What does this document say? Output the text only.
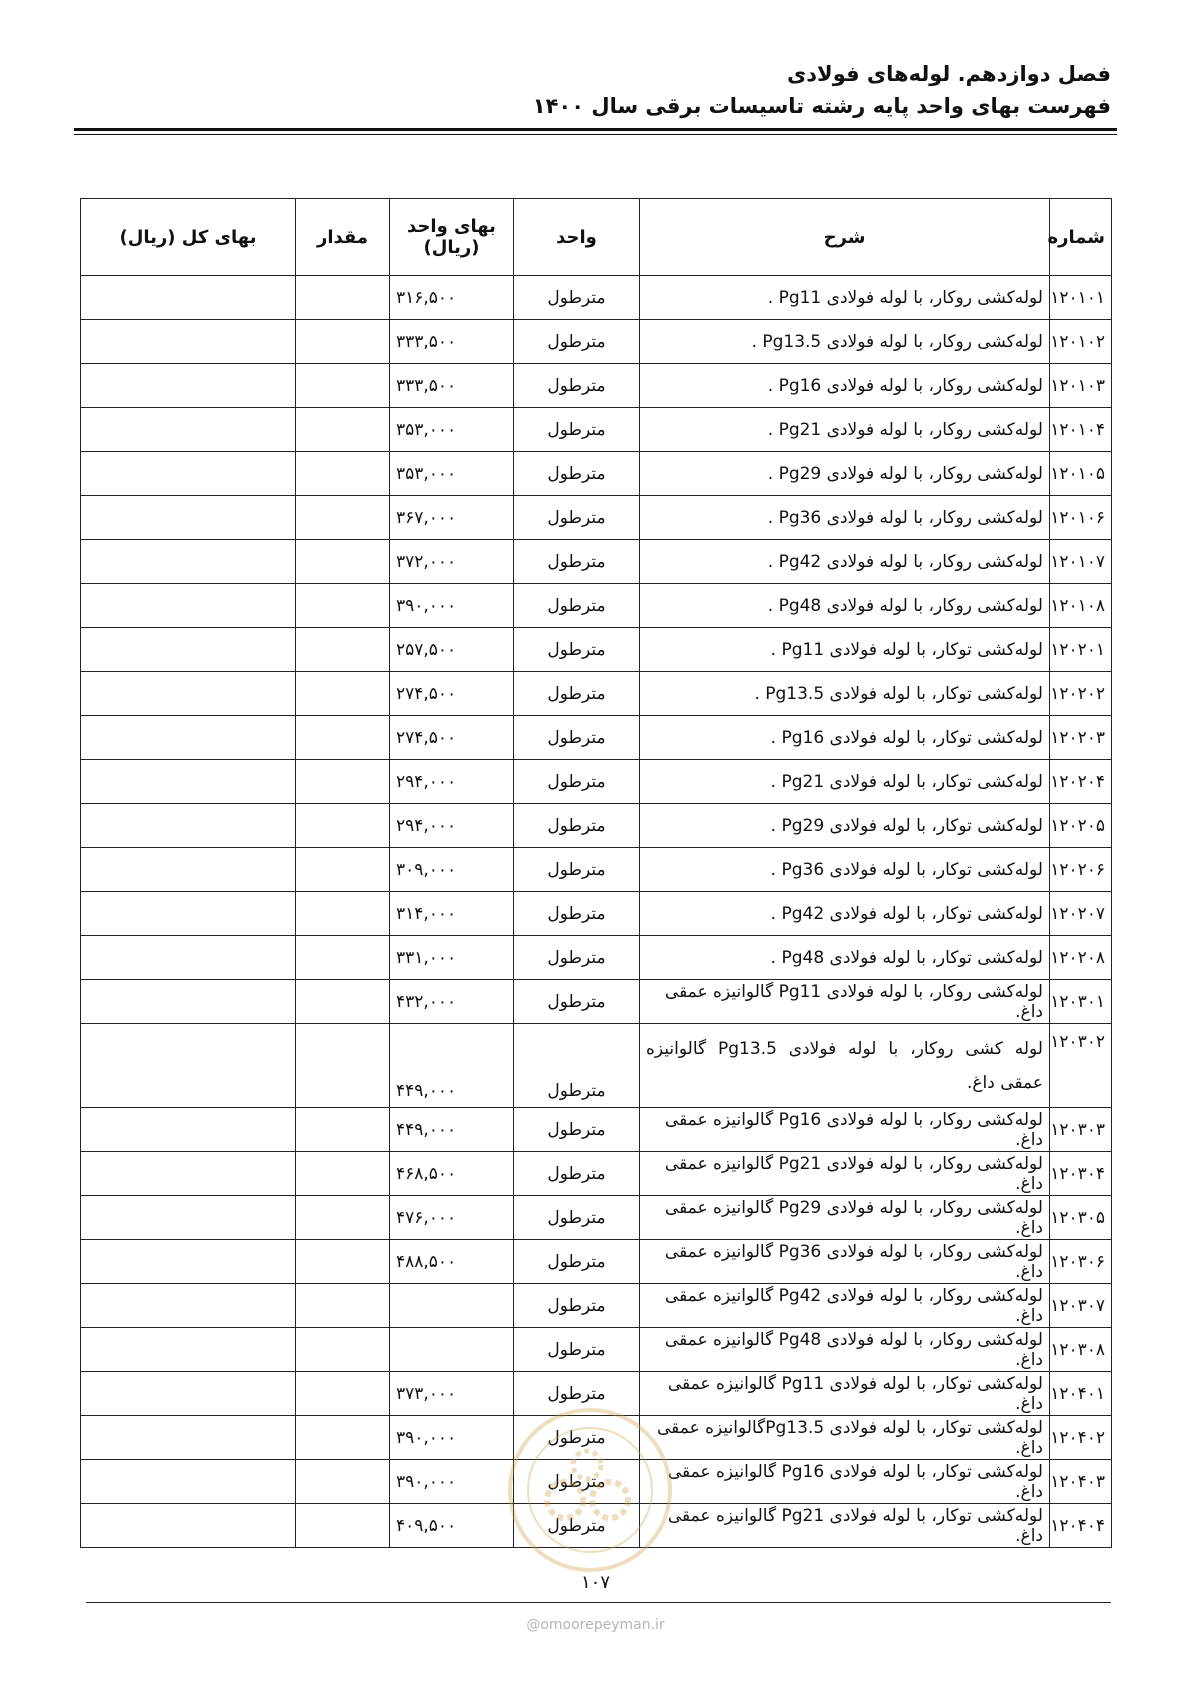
فصل دوازدهم. لوله‌های فولادی
فهرست بهای واحد پایه رشته تاسیسات برقی سال ۱۴۰۰
شماره	شرح	واحد	بهای واحد (ریال)	مقدار	بهای کل (ریال)
۱۲۰۱۰۱	لوله‌کشی روکار، با لوله فولادی Pg11 .	مترطول	۳۱۶,۵۰۰		
۱۲۰۱۰۲	لوله‌کشی روکار، با لوله فولادی Pg13.5 .	مترطول	۳۳۳,۵۰۰		
۱۲۰۱۰۳	لوله‌کشی روکار، با لوله فولادی Pg16 .	مترطول	۳۳۳,۵۰۰		
۱۲۰۱۰۴	لوله‌کشی روکار، با لوله فولادی Pg21 .	مترطول	۳۵۳,۰۰۰		
۱۲۰۱۰۵	لوله‌کشی روکار، با لوله فولادی Pg29 .	مترطول	۳۵۳,۰۰۰		
۱۲۰۱۰۶	لوله‌کشی روکار، با لوله فولادی Pg36 .	مترطول	۳۶۷,۰۰۰		
۱۲۰۱۰۷	لوله‌کشی روکار، با لوله فولادی Pg42 .	مترطول	۳۷۲,۰۰۰		
۱۲۰۱۰۸	لوله‌کشی روکار، با لوله فولادی Pg48 .	مترطول	۳۹۰,۰۰۰		
۱۲۰۲۰۱	لوله‌کشی توکار، با لوله فولادی Pg11 .	مترطول	۲۵۷,۵۰۰		
۱۲۰۲۰۲	لوله‌کشی توکار، با لوله فولادی Pg13.5 .	مترطول	۲۷۴,۵۰۰		
۱۲۰۲۰۳	لوله‌کشی توکار، با لوله فولادی Pg16 .	مترطول	۲۷۴,۵۰۰		
۱۲۰۲۰۴	لوله‌کشی توکار، با لوله فولادی Pg21 .	مترطول	۲۹۴,۰۰۰		
۱۲۰۲۰۵	لوله‌کشی توکار، با لوله فولادی Pg29 .	مترطول	۲۹۴,۰۰۰		
۱۲۰۲۰۶	لوله‌کشی توکار، با لوله فولادی Pg36 .	مترطول	۳۰۹,۰۰۰		
۱۲۰۲۰۷	لوله‌کشی توکار، با لوله فولادی Pg42 .	مترطول	۳۱۴,۰۰۰		
۱۲۰۲۰۸	لوله‌کشی توکار، با لوله فولادی Pg48 .	مترطول	۳۳۱,۰۰۰		
۱۲۰۳۰۱	لوله‌کشی روکار، با لوله فولادی Pg11 گالوانیزه عمقی داغ.	مترطول	۴۳۲,۰۰۰		
۱۲۰۳۰۲	لوله کشی روکار، با لوله فولادی Pg13.5 گالوانیزه عمقی داغ.	مترطول	۴۴۹,۰۰۰		
۱۲۰۳۰۳	لوله‌کشی روکار، با لوله فولادی Pg16 گالوانیزه عمقی داغ.	مترطول	۴۴۹,۰۰۰		
۱۲۰۳۰۴	لوله‌کشی روکار، با لوله فولادی Pg21 گالوانیزه عمقی داغ.	مترطول	۴۶۸,۵۰۰		
۱۲۰۳۰۵	لوله‌کشی روکار، با لوله فولادی Pg29 گالوانیزه عمقی داغ.	مترطول	۴۷۶,۰۰۰		
۱۲۰۳۰۶	لوله‌کشی روکار، با لوله فولادی Pg36 گالوانیزه عمقی داغ.	مترطول	۴۸۸,۵۰۰		
۱۲۰۳۰۷	لوله‌کشی روکار، با لوله فولادی Pg42 گالوانیزه عمقی داغ.	مترطول			
۱۲۰۳۰۸	لوله‌کشی روکار، با لوله فولادی Pg48 گالوانیزه عمقی داغ.	مترطول			
۱۲۰۴۰۱	لوله‌کشی توکار، با لوله فولادی Pg11 گالوانیزه عمقی داغ.	مترطول	۳۷۳,۰۰۰		
۱۲۰۴۰۲	لوله‌کشی توکار، با لوله فولادی Pg13.5گالوانیزه عمقی داغ.	مترطول	۳۹۰,۰۰۰		
۱۲۰۴۰۳	لوله‌کشی توکار، با لوله فولادی Pg16 گالوانیزه عمقی داغ.	مترطول	۳۹۰,۰۰۰		
۱۲۰۴۰۴	لوله‌کشی توکار، با لوله فولادی Pg21 گالوانیزه عمقی داغ.	مترطول	۴۰۹,۵۰۰		
۱۰۷
@omoorepeyman.ir
